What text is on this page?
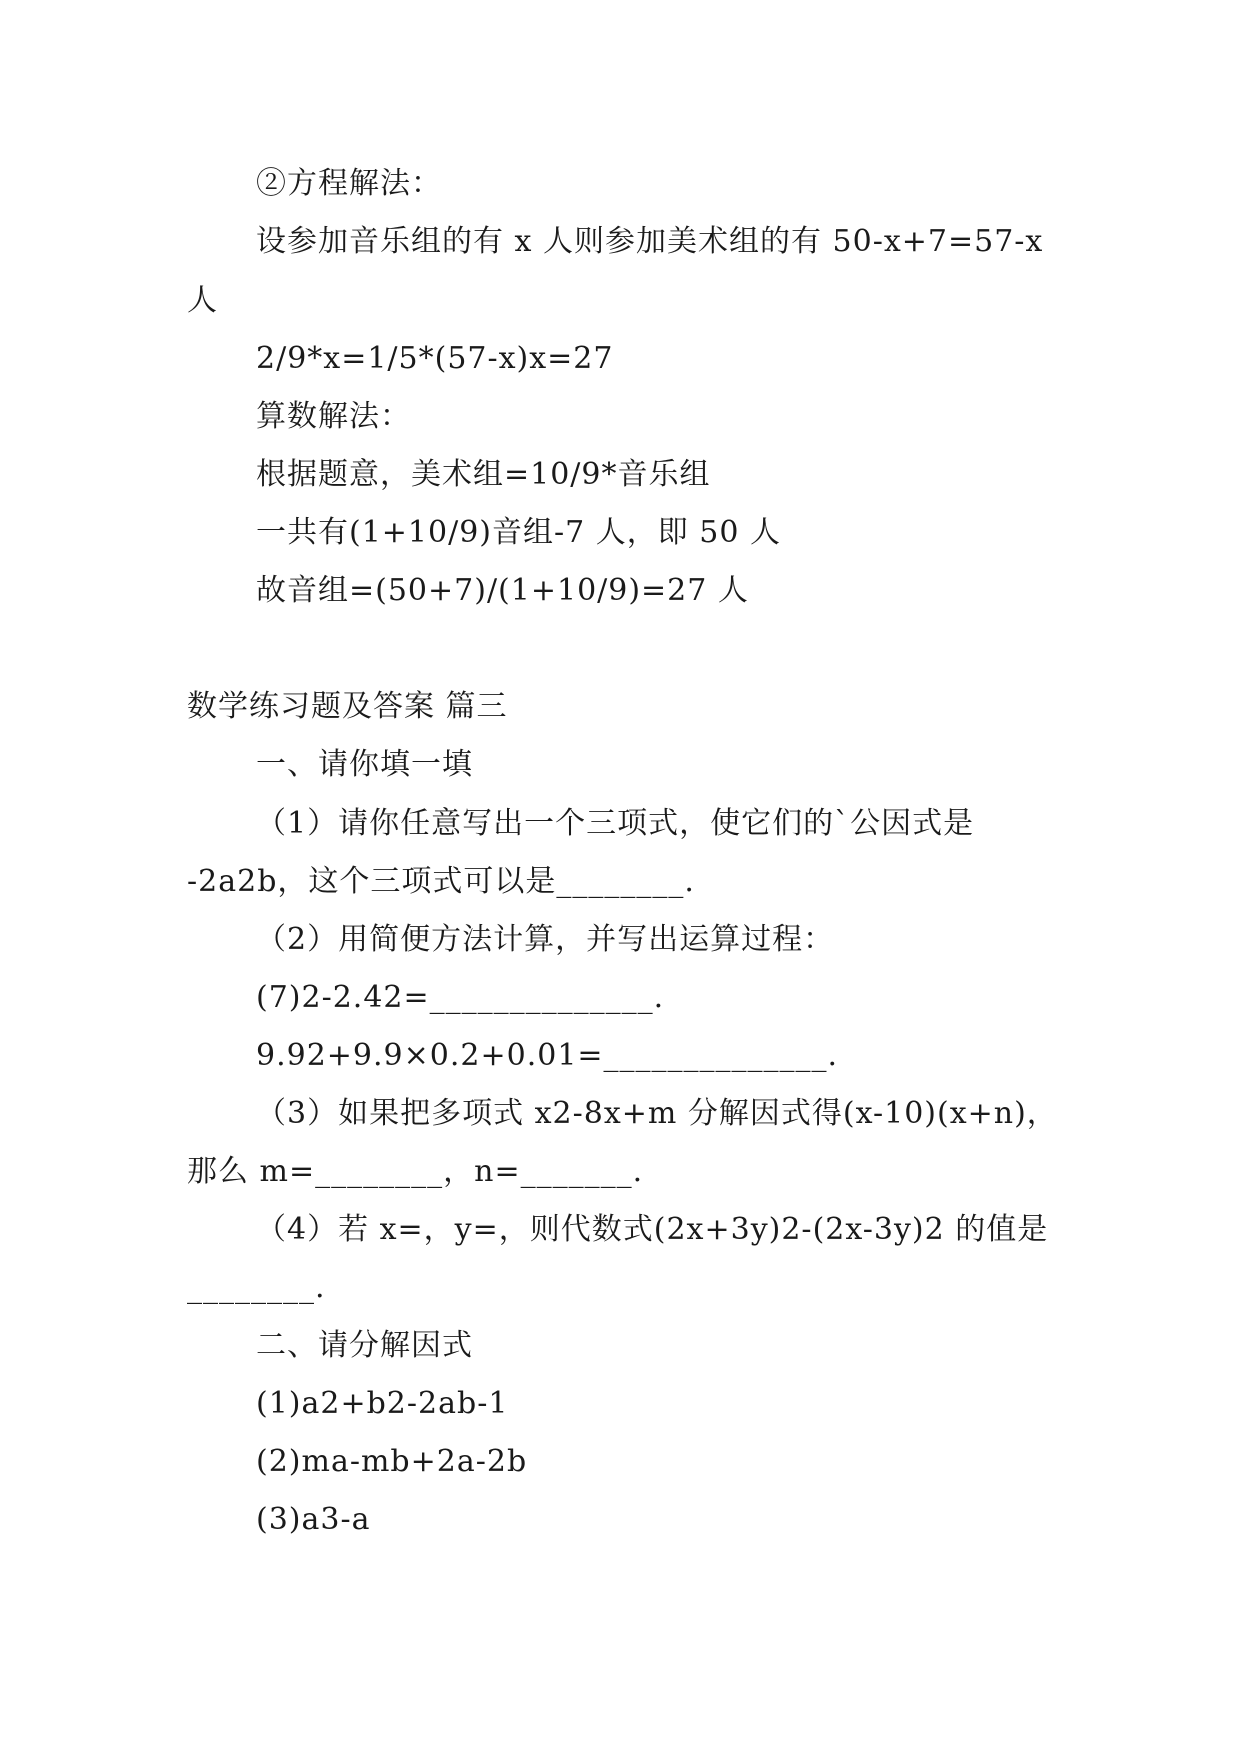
②方程解法：
设参加音乐组的有 x 人则参加美术组的有 50-x+7=57-x
人
2/9*x=1/5*(57-x)x=27
算数解法：
根据题意，美术组=10/9*音乐组
一共有(1+10/9)音组-7 人，即 50 人
故音组=(50+7)/(1+10/9)=27 人
数学练习题及答案 篇三
一、请你填一填
（1）请你任意写出一个三项式，使它们的`公因式是
-2a2b，这个三项式可以是________.
（2）用简便方法计算，并写出运算过程：
(7)2-2.42=______________.
9.92+9.9×0.2+0.01=______________.
（3）如果把多项式 x2-8x+m 分解因式得(x-10)(x+n)，
那么 m=________，n=_______.
（4）若 x=，y=，则代数式(2x+3y)2-(2x-3y)2 的值是
________.
二、请分解因式
(1)a2+b2-2ab-1
(2)ma-mb+2a-2b
(3)a3-a
